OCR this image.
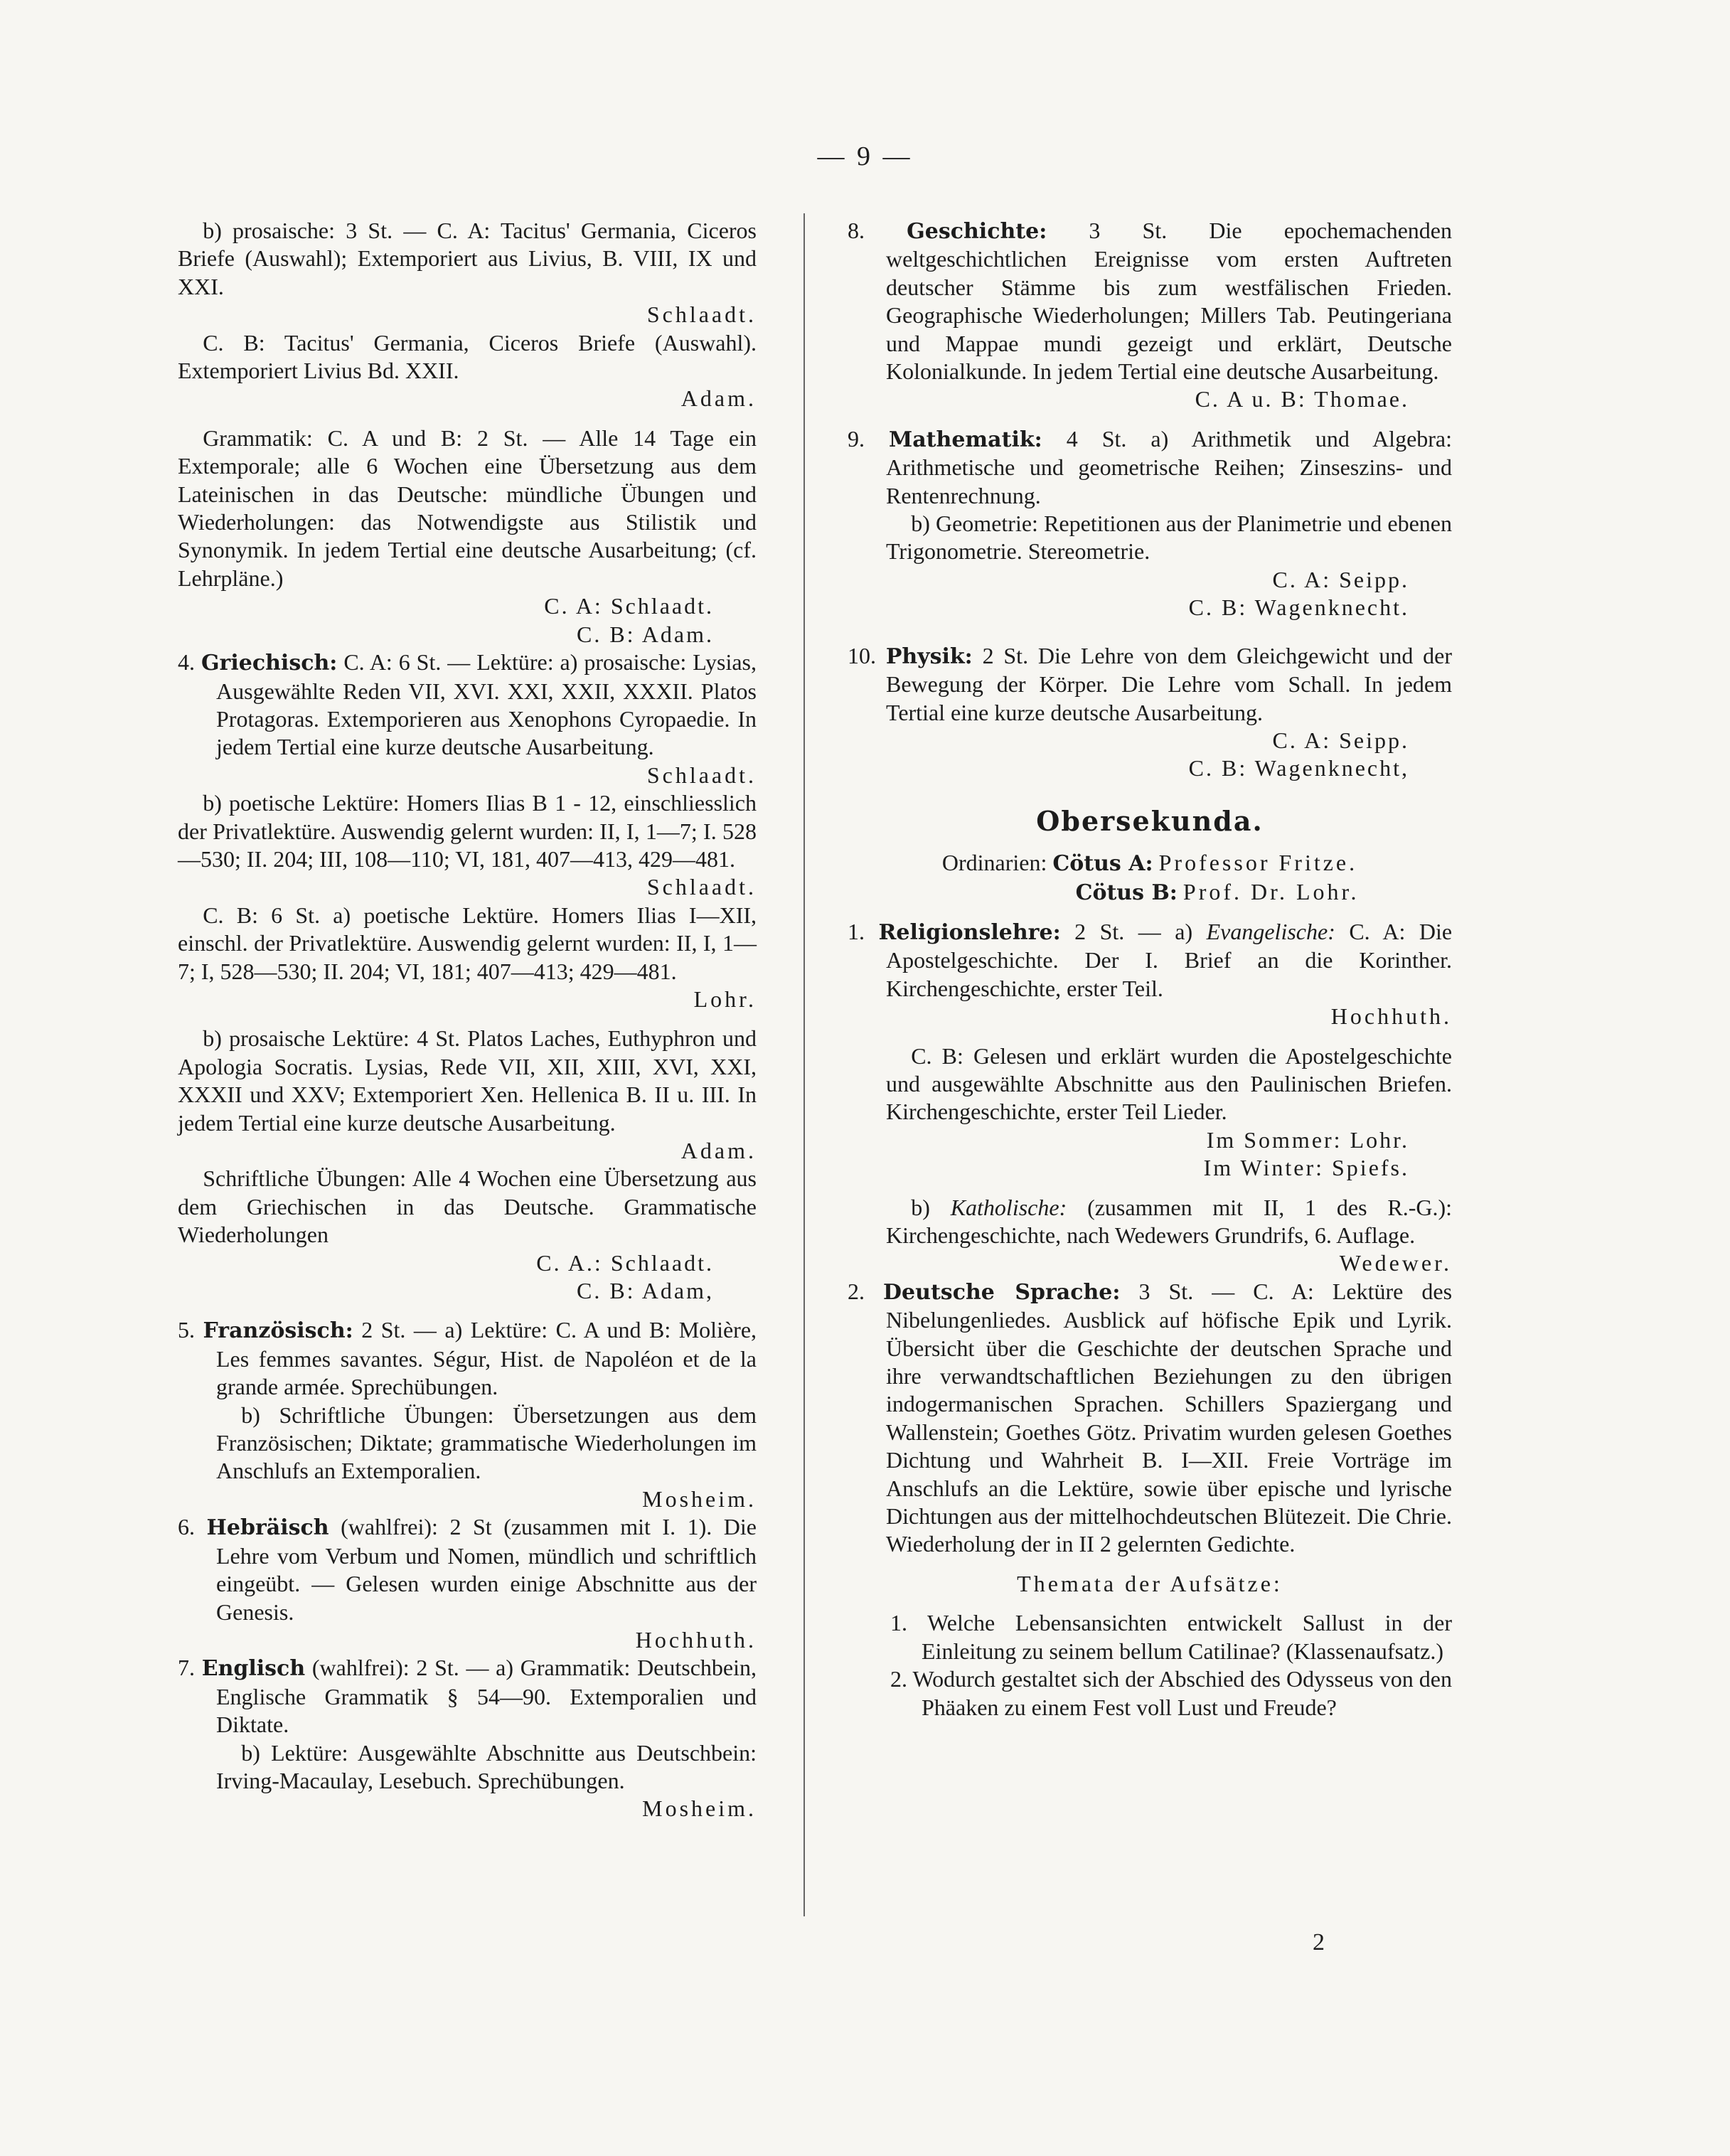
— 9 —

b) prosaische: 3 St. — C. A: Tacitus' Germania, Ciceros Briefe (Auswahl); Extemporiert aus Livius, B. VIII, IX und XXI.

Schlaadt.

C. B: Tacitus' Germania, Ciceros Briefe (Auswahl). Extemporiert Livius Bd. XXII.

Adam.

Grammatik: C. A und B: 2 St. — Alle 14 Tage ein Extemporale; alle 6 Wochen eine Übersetzung aus dem Lateinischen in das Deutsche: mündliche Übungen und Wiederholungen: das Notwendigste aus Stilistik und Synonymik. In jedem Tertial eine deutsche Ausarbeitung; (cf. Lehrpläne.)

C. A: Schlaadt.

C. B: Adam.

4. Griechisch: C. A: 6 St. — Lektüre: a) prosaische: Lysias, Ausgewählte Reden VII, XVI. XXI, XXII, XXXII. Platos Protagoras. Extemporieren aus Xenophons Cyropaedie. In jedem Tertial eine kurze deutsche Ausarbeitung.

Schlaadt.

b) poetische Lektüre: Homers Ilias B 1 - 12, einschliesslich der Privatlektüre. Auswendig gelernt wurden: II, I, 1—7; I. 528—530; II. 204; III, 108—110; VI, 181, 407—413, 429—481.

Schlaadt.

C. B: 6 St. a) poetische Lektüre. Homers Ilias I—XII, einschl. der Privatlektüre. Auswendig gelernt wurden: II, I, 1—7; I, 528—530; II. 204; VI, 181; 407—413; 429—481.

Lohr.

b) prosaische Lektüre: 4 St. Platos Laches, Euthyphron und Apologia Socratis. Lysias, Rede VII, XII, XIII, XVI, XXI, XXXII und XXV; Extemporiert Xen. Hellenica B. II u. III. In jedem Tertial eine kurze deutsche Ausarbeitung.

Adam.

Schriftliche Übungen: Alle 4 Wochen eine Übersetzung aus dem Griechischen in das Deutsche. Grammatische Wiederholungen

C. A.: Schlaadt.

C. B: Adam,

5. Französisch: 2 St. — a) Lektüre: C. A und B: Molière, Les femmes savantes. Ségur, Hist. de Napoléon et de la grande armée. Sprechübungen.

b) Schriftliche Übungen: Übersetzungen aus dem Französischen; Diktate; grammatische Wiederholungen im Anschlufs an Extemporalien.

Mosheim.

6. Hebräisch (wahlfrei): 2 St (zusammen mit I. 1). Die Lehre vom Verbum und Nomen, mündlich und schriftlich eingeübt. — Gelesen wurden einige Abschnitte aus der Genesis.

Hochhuth.

7. Englisch (wahlfrei): 2 St. — a) Grammatik: Deutschbein, Englische Grammatik § 54—90. Extemporalien und Diktate.

b) Lektüre: Ausgewählte Abschnitte aus Deutschbein: Irving-Macaulay, Lesebuch. Sprechübungen.

Mosheim.

8. Geschichte: 3 St. Die epochemachenden weltgeschichtlichen Ereignisse vom ersten Auftreten deutscher Stämme bis zum westfälischen Frieden. Geographische Wiederholungen; Millers Tab. Peutingeriana und Mappae mundi gezeigt und erklärt, Deutsche Kolonialkunde. In jedem Tertial eine deutsche Ausarbeitung.

C. A u. B: Thomae.

9. Mathematik: 4 St. a) Arithmetik und Algebra: Arithmetische und geometrische Reihen; Zinseszins- und Rentenrechnung.

b) Geometrie: Repetitionen aus der Planimetrie und ebenen Trigonometrie. Stereometrie.

C. A: Seipp.

C. B: Wagenknecht.

10. Physik: 2 St. Die Lehre von dem Gleichgewicht und der Bewegung der Körper. Die Lehre vom Schall. In jedem Tertial eine kurze deutsche Ausarbeitung.

C. A: Seipp.

C. B: Wagenknecht,

Obersekunda.

Ordinarien: Cötus A: Professor Fritze.

Cötus B: Prof. Dr. Lohr.

1. Religionslehre: 2 St. — a) Evangelische: C. A: Die Apostelgeschichte. Der I. Brief an die Korinther. Kirchengeschichte, erster Teil.

Hochhuth.

C. B: Gelesen und erklärt wurden die Apostelgeschichte und ausgewählte Abschnitte aus den Paulinischen Briefen. Kirchengeschichte, erster Teil Lieder.

Im Sommer: Lohr.

Im Winter: Spiefs.

b) Katholische: (zusammen mit II, 1 des R.-G.): Kirchengeschichte, nach Wedewers Grundrifs, 6. Auflage.

Wedewer.

2. Deutsche Sprache: 3 St. — C. A: Lektüre des Nibelungenliedes. Ausblick auf höfische Epik und Lyrik. Übersicht über die Geschichte der deutschen Sprache und ihre verwandtschaftlichen Beziehungen zu den übrigen indogermanischen Sprachen. Schillers Spaziergang und Wallenstein; Goethes Götz. Privatim wurden gelesen Goethes Dichtung und Wahrheit B. I—XII. Freie Vorträge im Anschlufs an die Lektüre, sowie über epische und lyrische Dichtungen aus der mittelhochdeutschen Blütezeit. Die Chrie. Wiederholung der in II 2 gelernten Gedichte.

Themata der Aufsätze:

1. Welche Lebensansichten entwickelt Sallust in der Einleitung zu seinem bellum Catilinae? (Klassenaufsatz.)

2. Wodurch gestaltet sich der Abschied des Odysseus von den Phäaken zu einem Fest voll Lust und Freude?

2
